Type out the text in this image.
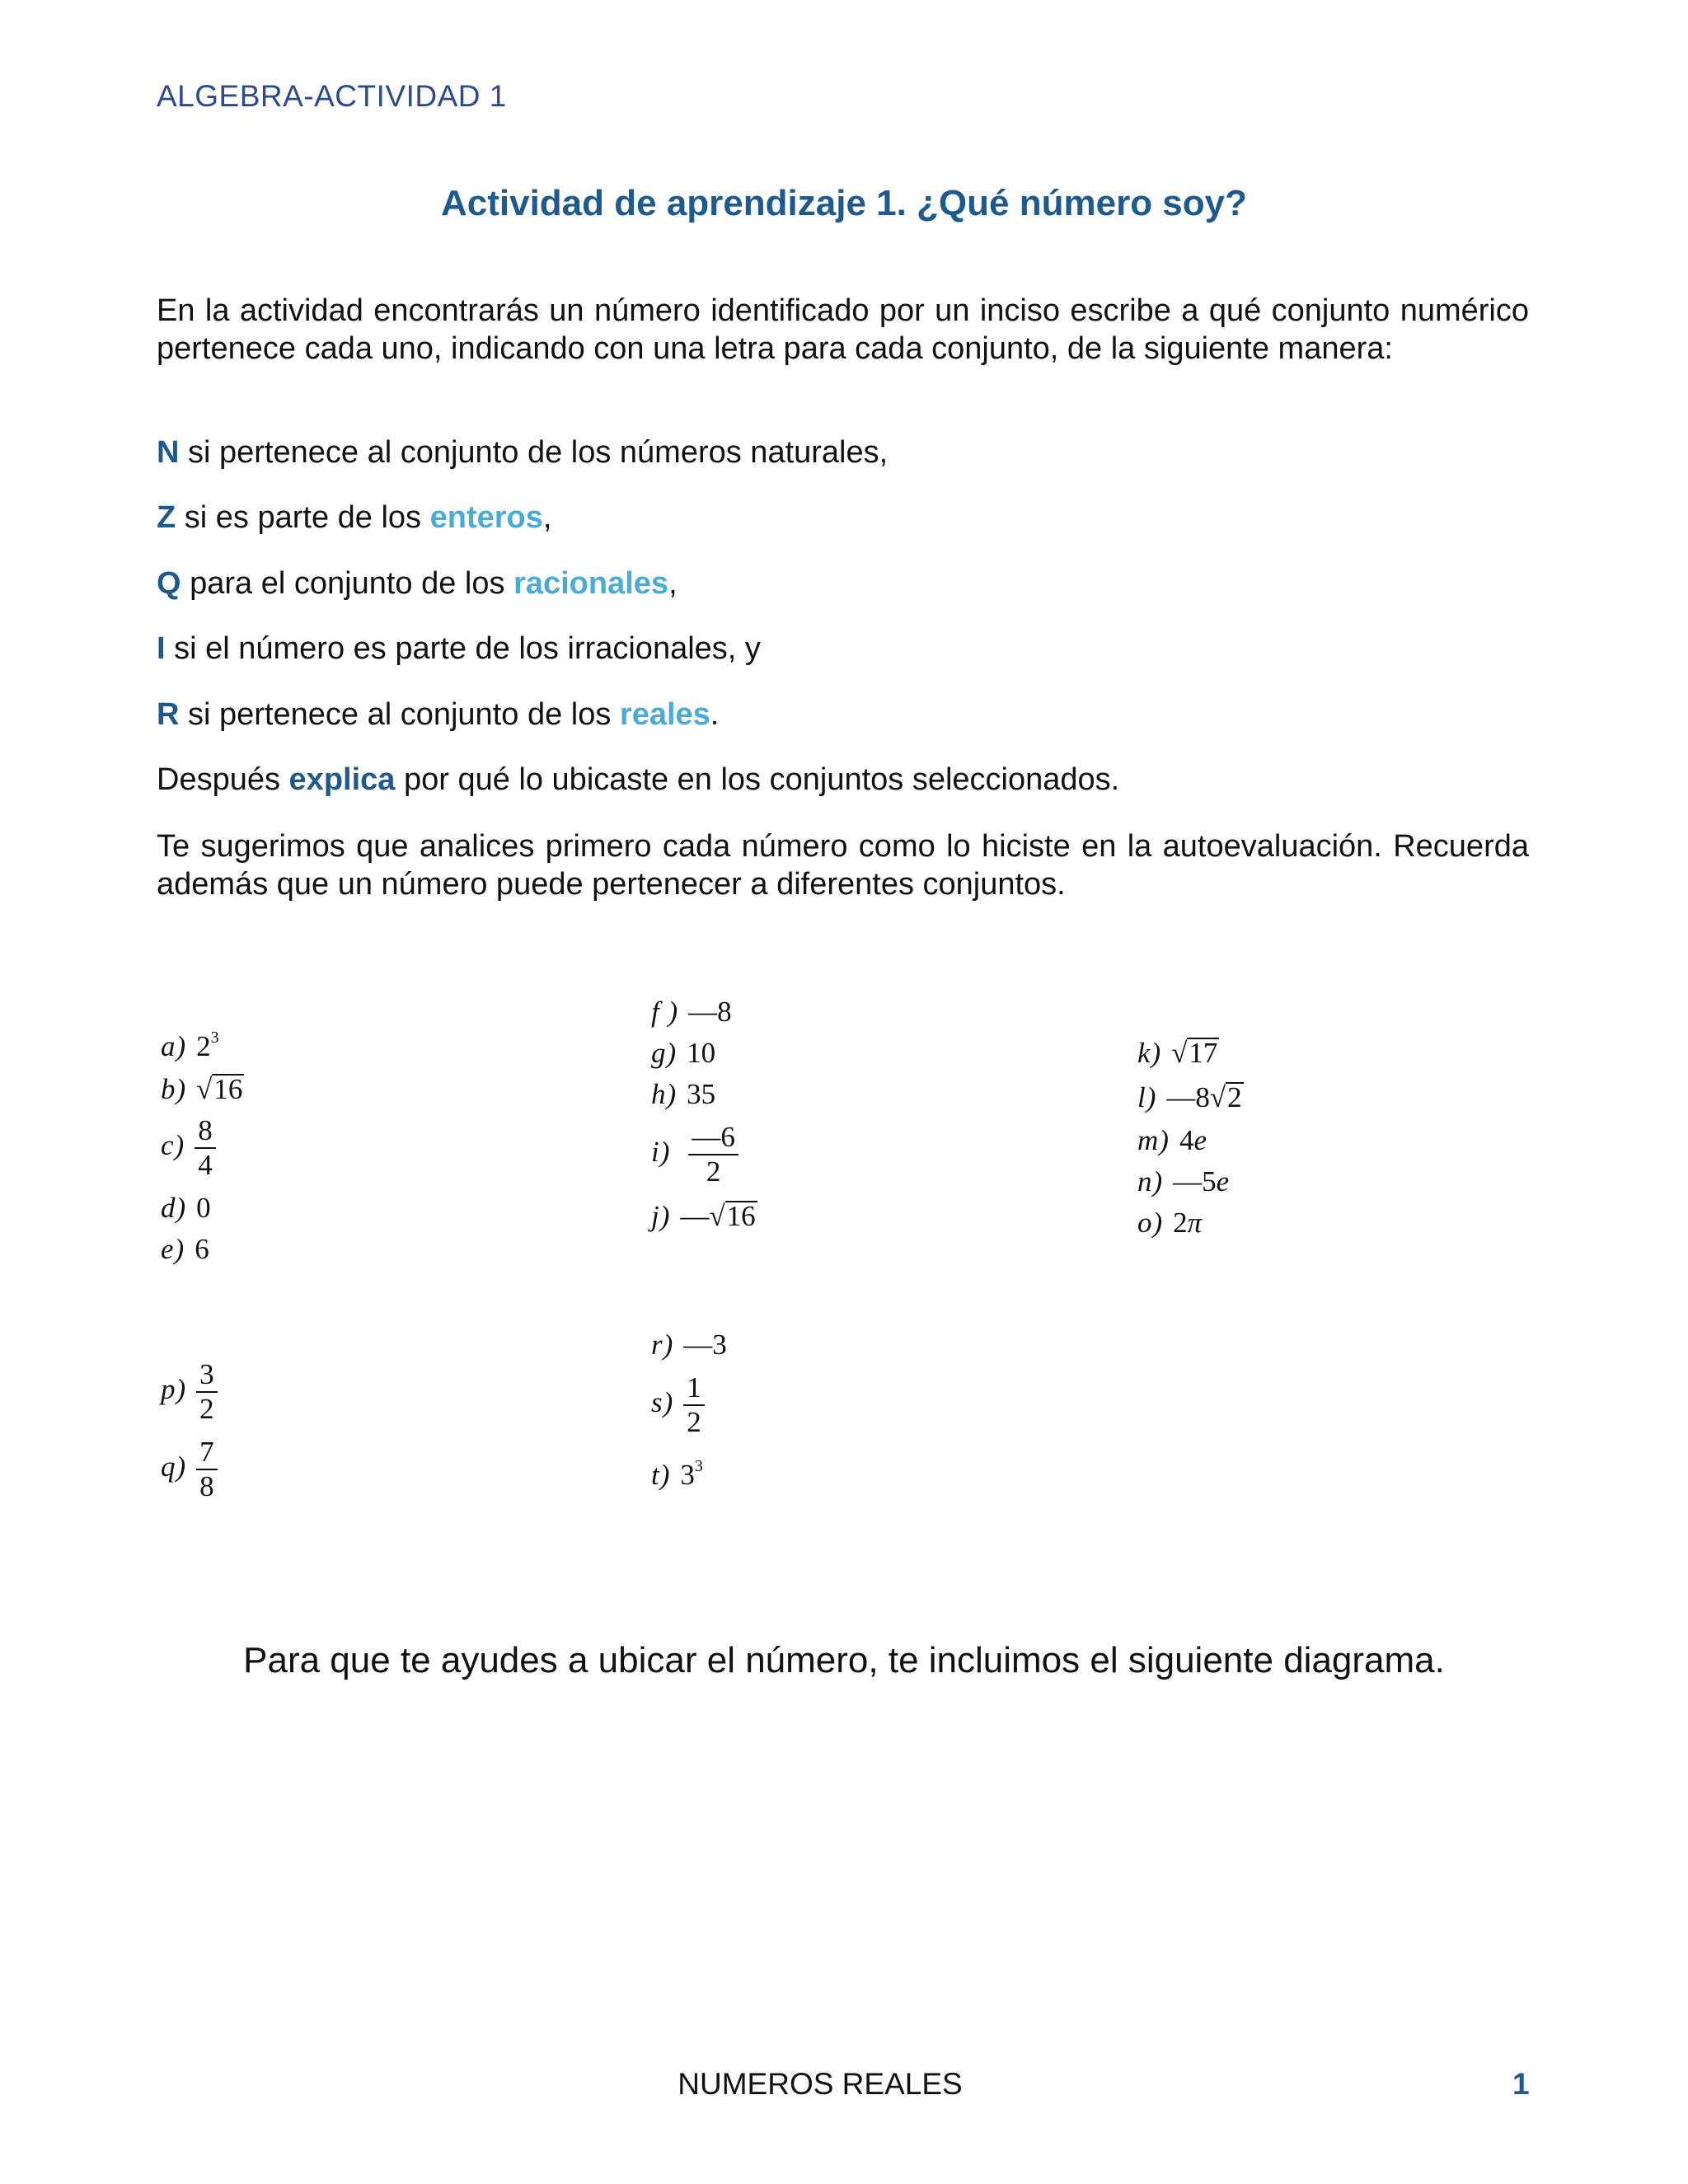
ALGEBRA-ACTIVIDAD 1
Actividad de aprendizaje 1. ¿Qué número soy?
En la actividad encontrarás un número identificado por un inciso escribe a qué conjunto numérico pertenece cada uno, indicando con una letra para cada conjunto, de la siguiente manera:
N si pertenece al conjunto de los números naturales,
Z si es parte de los enteros,
Q para el conjunto de los racionales,
I si el número es parte de los irracionales, y
R si pertenece al conjunto de los reales.
Después explica por qué lo ubicaste en los conjuntos seleccionados.
Te sugerimos que analices primero cada número como lo hiciste en la autoevaluación. Recuerda además que un número puede pertenecer a diferentes conjuntos.
a) $2^3$
b) √16
$c) \frac{8}{4}$
d) 0
e) 6
f ) —8
g) 10
h) 35
$i) \frac{—6}{2}$
j) —√16
k) √17
l) —8√2
m) 4e
n) —5e
o) 2π
$p) \frac{3}{2}$
$q) \frac{7}{8}$
r) —3
$s) \frac{1}{2}$
t) $3^3$
Para que te ayudes a ubicar el número, te incluimos el siguiente diagrama.
NUMEROS REALES	1
